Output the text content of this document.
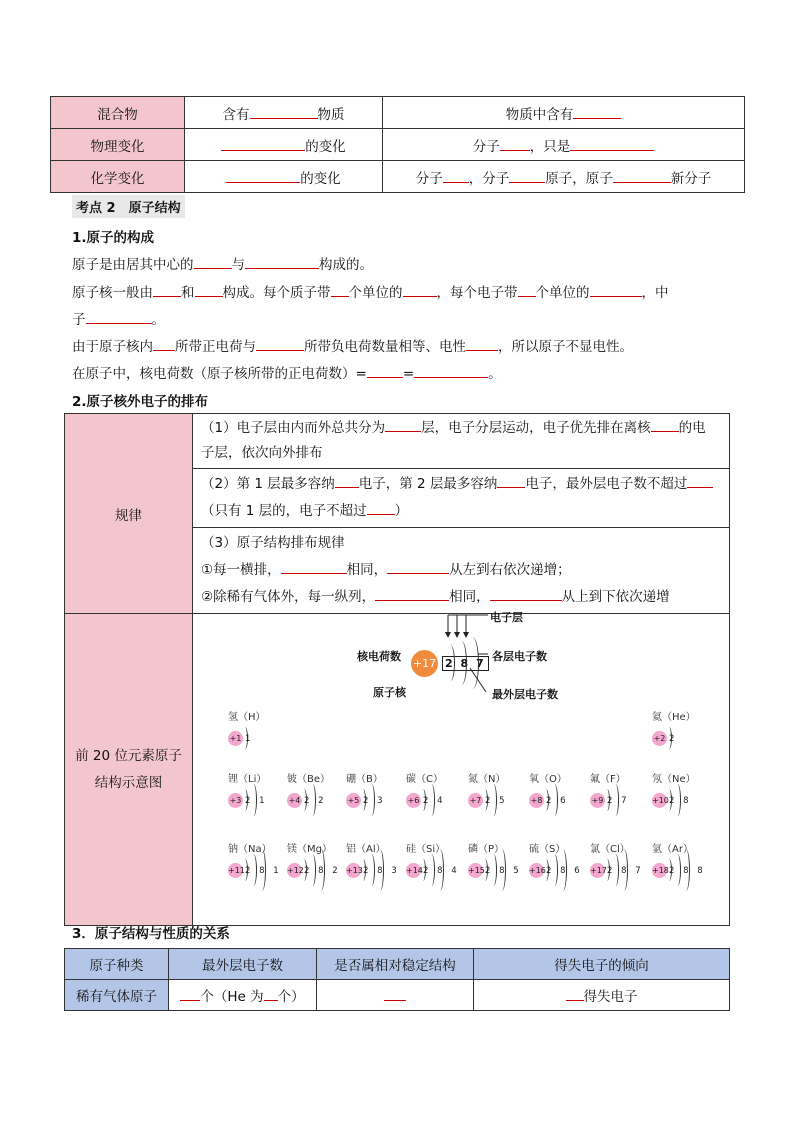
混合物	含有 物质	物质中含有
物理变化	的变化	分子 ，只是
化学变化	的变化	分子 ，分子 原子，原子 新分子
考点 2　原子结构
1.原子的构成
原子是由居其中心的	与	构成的。
原子核一般由 和 构成。每个质子带 个单位的	，每个电子带 个单位的	，中
子	。
由于原子核内 所带正电荷与	所带负电荷数量相等、电性 ，所以原子不显电性。
在原子中，核电荷数（原子核所带的正电荷数）=	=	。
2.原子核外电子的排布
规律	（1）电子层由内而外总共分为 层，电子分层运动，电子优先排在离核 的电
子层，依次向外排布
	（2）第 1 层最多容纳 电子，第 2 层最多容纳 电子，最外层电子数不超过
（只有 1 层的，电子不超过 ）
	（3）原子结构排布规律
①每一横排， 相同， 从左到右依次递增；
②除稀有气体外，每一纵列， 相同， 从上到下依次递增
前 20 位元素原子
结构示意图	
+17 2 8 7
电子层
核电荷数	各层电子数
原子核	最外层电子数
氢（H）
+1 1
氦（He）
+2 2
锂（Li）
+3 2 1
铍（Be）
+4 2 2
硼（B）
+5 2 3
碳（C）
+6 2 4
氮（N）
+7 2 5
氧（O）
+8 2 6
氟（F）
+9 2 7
氖（Ne）
+10 2 8
钠（Na）
+11 2 8 1
镁（Mg）
+12 2 8 2
铝（Al）
+13 2 8 3
硅（Si）
+14 2 8 4
磷（P）
+15 2 8 5
硫（S）
+16 2 8 6
氯（Cl）
+17 2 8 7
氩（Ar）
+18 2 8 8
3．原子结构与性质的关系
原子种类	最外层电子数	是否属相对稳定结构	得失电子的倾向
稀有气体原子	个（He 为 个）		得失电子
